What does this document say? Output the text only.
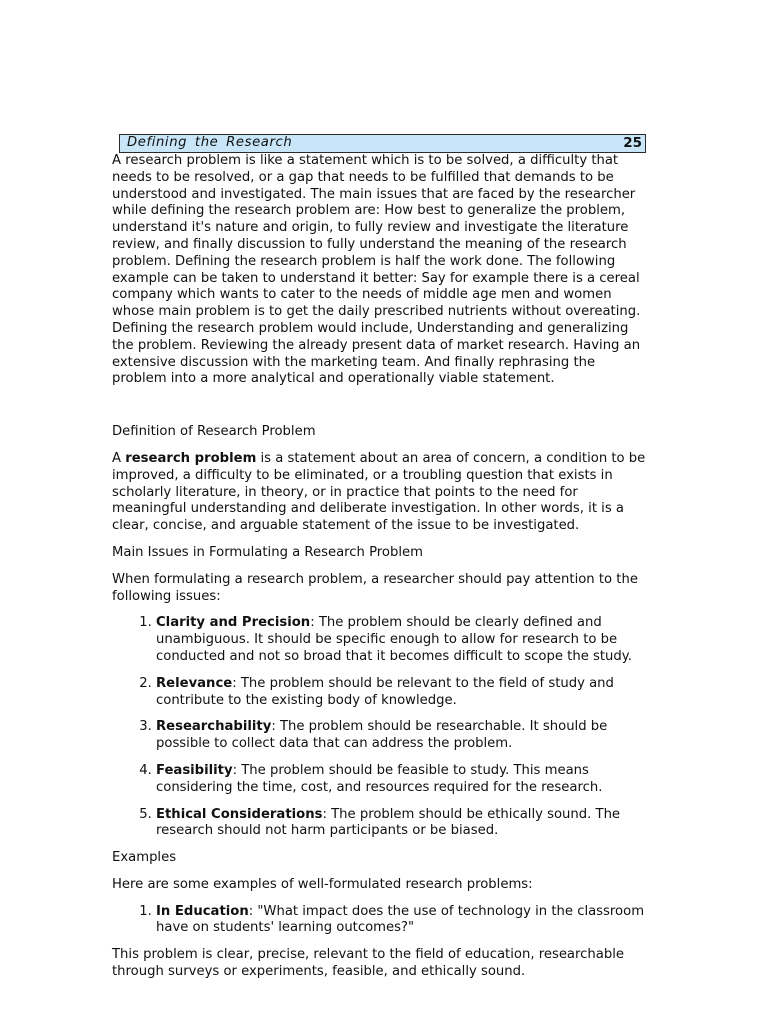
Defining the Research	25

A research problem is like a statement which is to be solved, a difficulty that needs to be resolved, or a gap that needs to be fulfilled that demands to be understood and investigated. The main issues that are faced by the researcher while defining the research problem are: How best to generalize the problem, understand it's nature and origin, to fully review and investigate the literature review, and finally discussion to fully understand the meaning of the research problem. Defining the research problem is half the work done. The following example can be taken to understand it better: Say for example there is a cereal company which wants to cater to the needs of middle age men and women whose main problem is to get the daily prescribed nutrients without overeating. Defining the research problem would include, Understanding and generalizing the problem. Reviewing the already present data of market research. Having an extensive discussion with the marketing team. And finally rephrasing the problem into a more analytical and operationally viable statement.

Definition of Research Problem

A research problem is a statement about an area of concern, a condition to be improved, a difficulty to be eliminated, or a troubling question that exists in scholarly literature, in theory, or in practice that points to the need for meaningful understanding and deliberate investigation. In other words, it is a clear, concise, and arguable statement of the issue to be investigated.

Main Issues in Formulating a Research Problem

When formulating a research problem, a researcher should pay attention to the following issues:

1. Clarity and Precision: The problem should be clearly defined and unambiguous. It should be specific enough to allow for research to be conducted and not so broad that it becomes difficult to scope the study.
2. Relevance: The problem should be relevant to the field of study and contribute to the existing body of knowledge.
3. Researchability: The problem should be researchable. It should be possible to collect data that can address the problem.
4. Feasibility: The problem should be feasible to study. This means considering the time, cost, and resources required for the research.
5. Ethical Considerations: The problem should be ethically sound. The research should not harm participants or be biased.

Examples

Here are some examples of well-formulated research problems:

1. In Education: "What impact does the use of technology in the classroom have on students' learning outcomes?"

This problem is clear, precise, relevant to the field of education, researchable through surveys or experiments, feasible, and ethically sound.
